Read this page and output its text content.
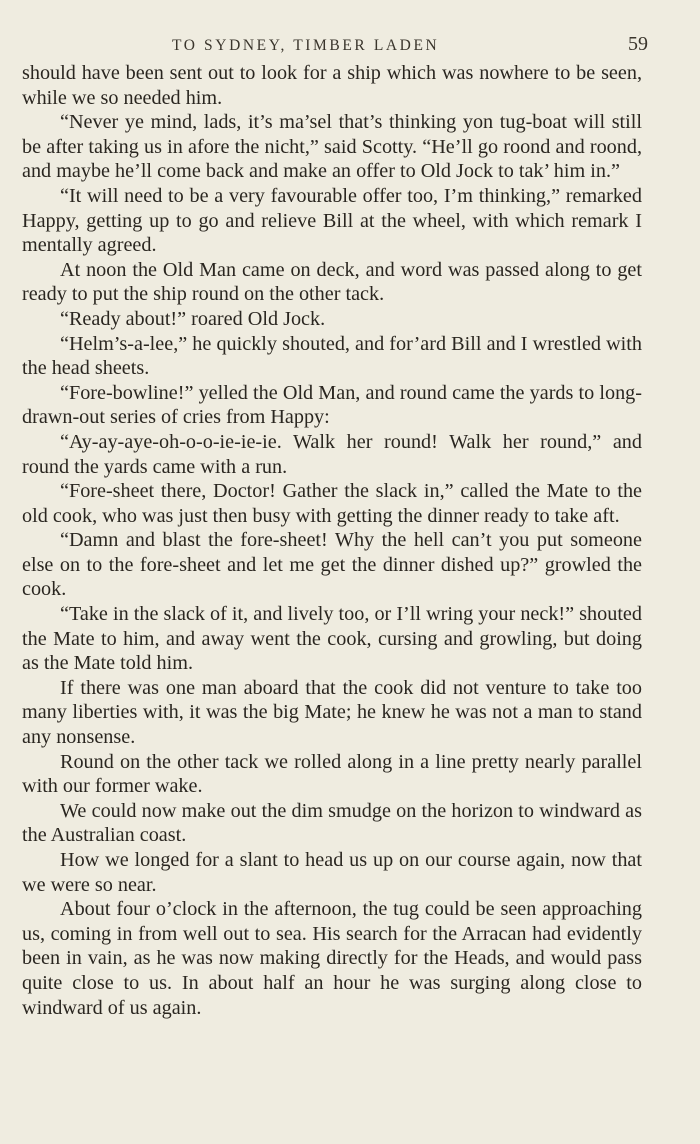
TO SYDNEY, TIMBER LADEN	59

should have been sent out to look for a ship which was nowhere to be seen, while we so needed him.

“Never ye mind, lads, it’s ma’sel that’s thinking yon tug-boat will still be after taking us in afore the nicht,” said Scotty. “He’ll go roond and roond, and maybe he’ll come back and make an offer to Old Jock to tak’ him in.”

“It will need to be a very favourable offer too, I’m thinking,” remarked Happy, getting up to go and relieve Bill at the wheel, with which remark I mentally agreed.

At noon the Old Man came on deck, and word was passed along to get ready to put the ship round on the other tack.

“Ready about!” roared Old Jock.

“Helm’s-a-lee,” he quickly shouted, and for’ard Bill and I wrestled with the head sheets.

“Fore-bowline!” yelled the Old Man, and round came the yards to long-drawn-out series of cries from Happy:

“Ay-ay-aye-oh-o-o-ie-ie-ie. Walk her round! Walk her round,” and round the yards came with a run.

“Fore-sheet there, Doctor! Gather the slack in,” called the Mate to the old cook, who was just then busy with getting the dinner ready to take aft.

“Damn and blast the fore-sheet! Why the hell can’t you put someone else on to the fore-sheet and let me get the dinner dished up?” growled the cook.

“Take in the slack of it, and lively too, or I’ll wring your neck!” shouted the Mate to him, and away went the cook, cursing and growling, but doing as the Mate told him.

If there was one man aboard that the cook did not venture to take too many liberties with, it was the big Mate; he knew he was not a man to stand any nonsense.

Round on the other tack we rolled along in a line pretty nearly parallel with our former wake.

We could now make out the dim smudge on the horizon to windward as the Australian coast.

How we longed for a slant to head us up on our course again, now that we were so near.

About four o’clock in the afternoon, the tug could be seen approaching us, coming in from well out to sea. His search for the Arracan had evidently been in vain, as he was now making directly for the Heads, and would pass quite close to us. In about half an hour he was surging along close to windward of us again.
